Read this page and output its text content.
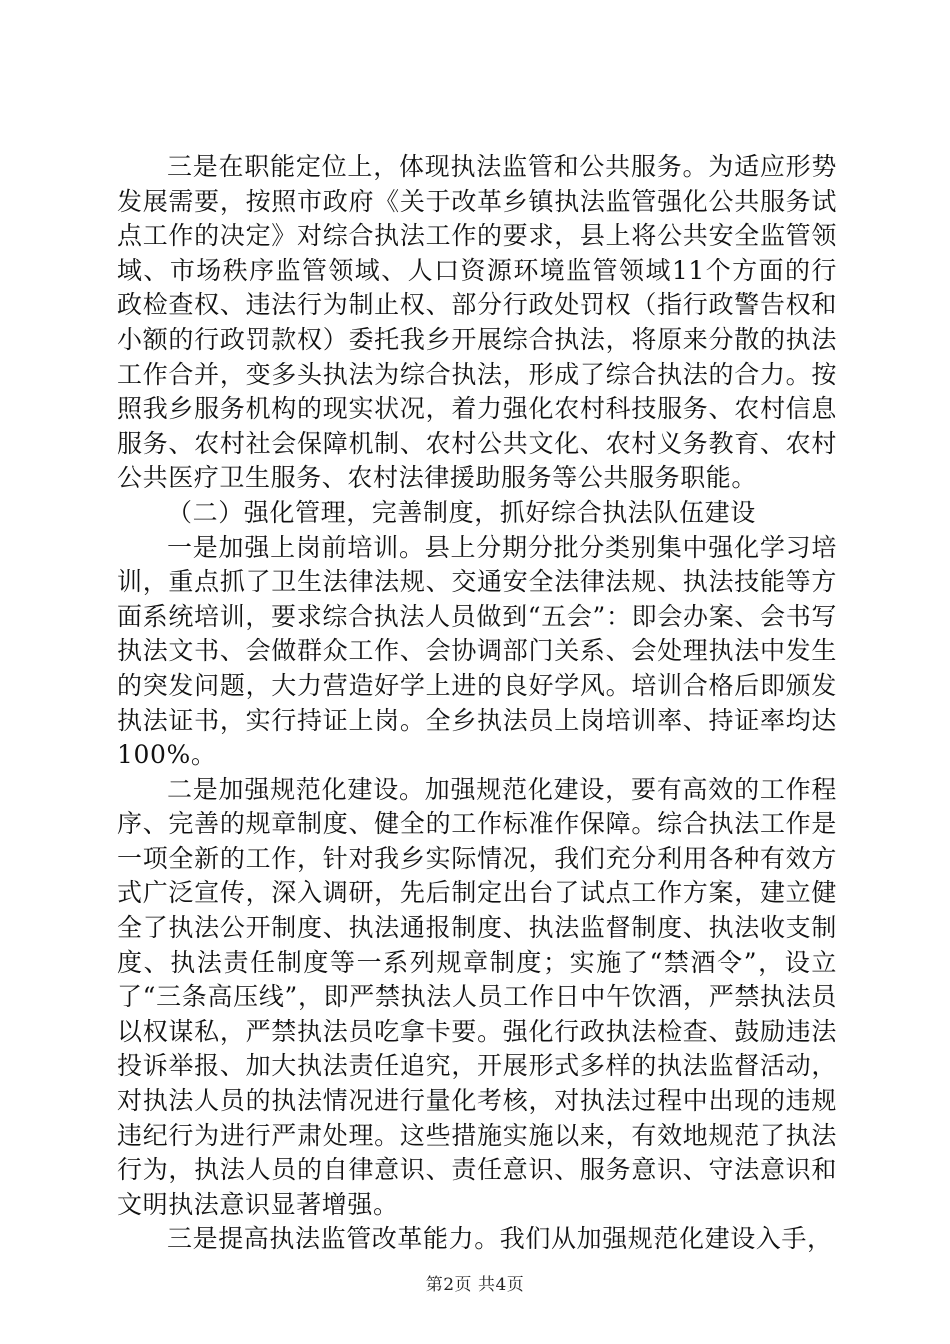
三是在职能定位上，体现执法监管和公共服务。为适应形势发展需要，按照市政府《关于改革乡镇执法监管强化公共服务试点工作的决定》对综合执法工作的要求，县上将公共安全监管领域、市场秩序监管领域、人口资源环境监管领域11个方面的行政检查权、违法行为制止权、部分行政处罚权（指行政警告权和小额的行政罚款权）委托我乡开展综合执法，将原来分散的执法工作合并，变多头执法为综合执法，形成了综合执法的合力。按照我乡服务机构的现实状况，着力强化农村科技服务、农村信息服务、农村社会保障机制、农村公共文化、农村义务教育、农村公共医疗卫生服务、农村法律援助服务等公共服务职能。

（二）强化管理，完善制度，抓好综合执法队伍建设

一是加强上岗前培训。县上分期分批分类别集中强化学习培训，重点抓了卫生法律法规、交通安全法律法规、执法技能等方面系统培训，要求综合执法人员做到“五会”：即会办案、会书写执法文书、会做群众工作、会协调部门关系、会处理执法中发生的突发问题，大力营造好学上进的良好学风。培训合格后即颁发执法证书，实行持证上岗。全乡执法员上岗培训率、持证率均达100%。

二是加强规范化建设。加强规范化建设，要有高效的工作程序、完善的规章制度、健全的工作标准作保障。综合执法工作是一项全新的工作，针对我乡实际情况，我们充分利用各种有效方式广泛宣传，深入调研，先后制定出台了试点工作方案，建立健全了执法公开制度、执法通报制度、执法监督制度、执法收支制度、执法责任制度等一系列规章制度；实施了“禁酒令”，设立了“三条高压线”，即严禁执法人员工作日中午饮酒，严禁执法员以权谋私，严禁执法员吃拿卡要。强化行政执法检查、鼓励违法投诉举报、加大执法责任追究，开展形式多样的执法监督活动，对执法人员的执法情况进行量化考核，对执法过程中出现的违规违纪行为进行严肃处理。这些措施实施以来，有效地规范了执法行为，执法人员的自律意识、责任意识、服务意识、守法意识和文明执法意识显著增强。

三是提高执法监管改革能力。我们从加强规范化建设入手，

第2页 共4页
